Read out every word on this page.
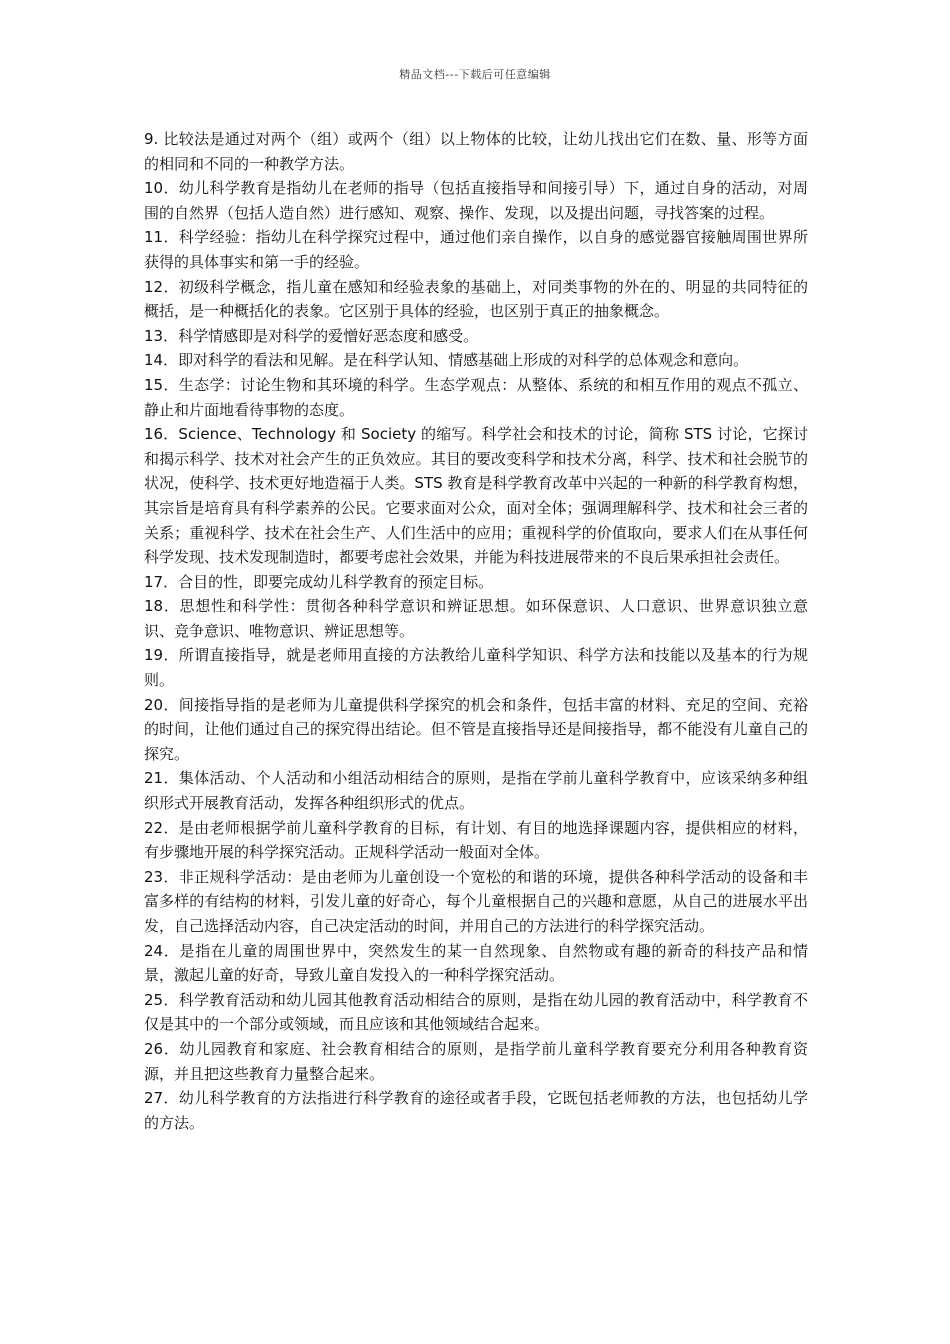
精品文档---下载后可任意编辑

9. 比较法是通过对两个（组）或两个（组）以上物体的比较，让幼儿找出它们在数、量、形等方面的相同和不同的一种教学方法。

10．幼儿科学教育是指幼儿在老师的指导（包括直接指导和间接引导）下，通过自身的活动，对周围的自然界（包括人造自然）进行感知、观察、操作、发现，以及提出问题，寻找答案的过程。

11．科学经验：指幼儿在科学探究过程中，通过他们亲自操作，以自身的感觉器官接触周围世界所获得的具体事实和第一手的经验。

12．初级科学概念，指儿童在感知和经验表象的基础上，对同类事物的外在的、明显的共同特征的概括，是一种概括化的表象。它区别于具体的经验，也区别于真正的抽象概念。

13．科学情感即是对科学的爱憎好恶态度和感受。

14．即对科学的看法和见解。是在科学认知、情感基础上形成的对科学的总体观念和意向。

15．生态学：讨论生物和其环境的科学。生态学观点：从整体、系统的和相互作用的观点不孤立、静止和片面地看待事物的态度。

16．Science、Technology 和 Society 的缩写。科学社会和技术的讨论，简称 STS 讨论，它探讨和揭示科学、技术对社会产生的正负效应。其目的要改变科学和技术分离，科学、技术和社会脱节的状况，使科学、技术更好地造福于人类。STS 教育是科学教育改革中兴起的一种新的科学教育构想，其宗旨是培育具有科学素养的公民。它要求面对公众，面对全体；强调理解科学、技术和社会三者的关系；重视科学、技术在社会生产、人们生活中的应用；重视科学的价值取向，要求人们在从事任何科学发现、技术发现制造时，都要考虑社会效果，并能为科技进展带来的不良后果承担社会责任。

17．合目的性，即要完成幼儿科学教育的预定目标。

18．思想性和科学性：贯彻各种科学意识和辨证思想。如环保意识、人口意识、世界意识独立意识、竞争意识、唯物意识、辨证思想等。

19．所谓直接指导，就是老师用直接的方法教给儿童科学知识、科学方法和技能以及基本的行为规则。

20．间接指导指的是老师为儿童提供科学探究的机会和条件，包括丰富的材料、充足的空间、充裕的时间，让他们通过自己的探究得出结论。但不管是直接指导还是间接指导，都不能没有儿童自己的探究。

21．集体活动、个人活动和小组活动相结合的原则，是指在学前儿童科学教育中，应该采纳多种组织形式开展教育活动，发挥各种组织形式的优点。

22．是由老师根据学前儿童科学教育的目标，有计划、有目的地选择课题内容，提供相应的材料，有步骤地开展的科学探究活动。正规科学活动一般面对全体。

23．非正规科学活动：是由老师为儿童创设一个宽松的和谐的环境，提供各种科学活动的设备和丰富多样的有结构的材料，引发儿童的好奇心，每个儿童根据自己的兴趣和意愿，从自己的进展水平出发，自己选择活动内容，自己决定活动的时间，并用自己的方法进行的科学探究活动。

24．是指在儿童的周围世界中，突然发生的某一自然现象、自然物或有趣的新奇的科技产品和情景，激起儿童的好奇，导致儿童自发投入的一种科学探究活动。

25．科学教育活动和幼儿园其他教育活动相结合的原则，是指在幼儿园的教育活动中，科学教育不仅是其中的一个部分或领域，而且应该和其他领域结合起来。

26．幼儿园教育和家庭、社会教育相结合的原则，是指学前儿童科学教育要充分利用各种教育资源，并且把这些教育力量整合起来。

27．幼儿科学教育的方法指进行科学教育的途径或者手段，它既包括老师教的方法，也包括幼儿学的方法。
